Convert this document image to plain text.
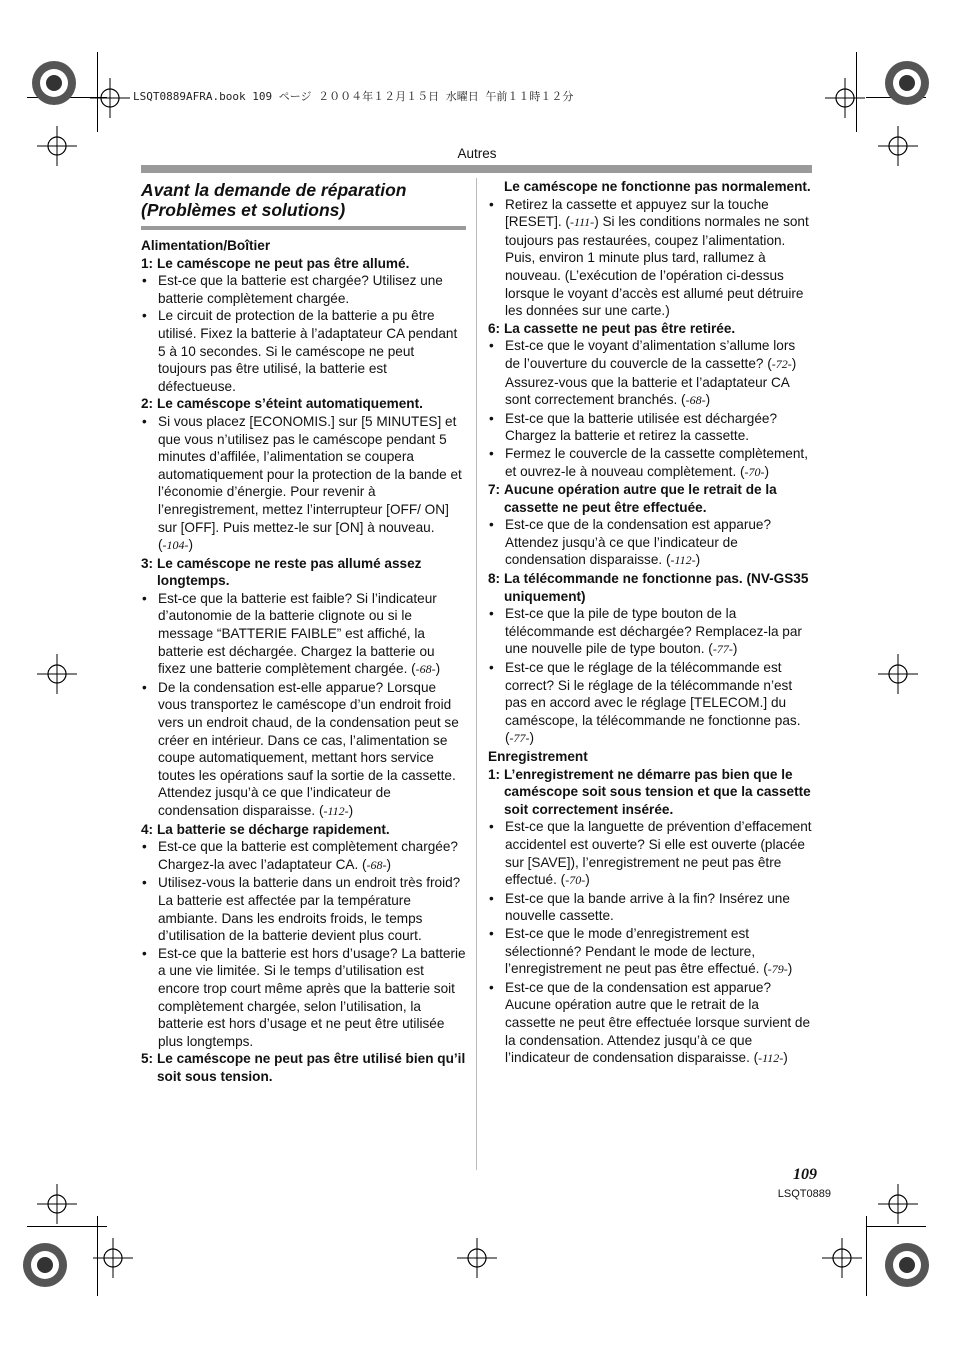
LSQT0889AFRA.book 109 ページ ２００４年１２月１５日 水曜日 午前１１時１２分
Autres
Avant la demande de réparation
(Problèmes et solutions)
Alimentation/Boîtier
1: Le caméscope ne peut pas être allumé.
• Est-ce que la batterie est chargée? Utilisez une batterie complètement chargée.
• Le circuit de protection de la batterie a pu être utilisé. Fixez la batterie à l’adaptateur CA pendant 5 à 10 secondes. Si le caméscope ne peut toujours pas être utilisé, la batterie est défectueuse.
2: Le caméscope s’éteint automatiquement.
• Si vous placez [ECONOMIS.] sur [5 MINUTES] et que vous n’utilisez pas le caméscope pendant 5 minutes d’affilée, l’alimentation se coupera automatiquement pour la protection de la bande et l’économie d’énergie. Pour revenir à l’enregistrement, mettez l’interrupteur [OFF/ ON] sur [OFF]. Puis mettez-le sur [ON] à nouveau. (-104-)
3: Le caméscope ne reste pas allumé assez longtemps.
• Est-ce que la batterie est faible? Si l’indicateur d’autonomie de la batterie clignote ou si le message “BATTERIE FAIBLE” est affiché, la batterie est déchargée. Chargez la batterie ou fixez une batterie complètement chargée. (-68-)
• De la condensation est-elle apparue? Lorsque vous transportez le caméscope d’un endroit froid vers un endroit chaud, de la condensation peut se créer en intérieur. Dans ce cas, l’alimentation se coupe automatiquement, mettant hors service toutes les opérations sauf la sortie de la cassette. Attendez jusqu’à ce que l’indicateur de condensation disparaisse. (-112-)
4: La batterie se décharge rapidement.
• Est-ce que la batterie est complètement chargée? Chargez-la avec l’adaptateur CA. (-68-)
• Utilisez-vous la batterie dans un endroit très froid? La batterie est affectée par la température ambiante. Dans les endroits froids, le temps d’utilisation de la batterie devient plus court.
• Est-ce que la batterie est hors d’usage? La batterie a une vie limitée. Si le temps d’utilisation est encore trop court même après que la batterie soit complètement chargée, selon l’utilisation, la batterie est hors d’usage et ne peut être utilisée plus longtemps.
5: Le caméscope ne peut pas être utilisé bien qu’il soit sous tension.
Le caméscope ne fonctionne pas normalement.
• Retirez la cassette et appuyez sur la touche [RESET]. (-111-) Si les conditions normales ne sont toujours pas restaurées, coupez l’alimentation. Puis, environ 1 minute plus tard, rallumez à nouveau. (L’exécution de l’opération ci-dessus lorsque le voyant d’accès est allumé peut détruire les données sur une carte.)
6: La cassette ne peut pas être retirée.
• Est-ce que le voyant d’alimentation s’allume lors de l’ouverture du couvercle de la cassette? (-72-) Assurez-vous que la batterie et l’adaptateur CA sont correctement branchés. (-68-)
• Est-ce que la batterie utilisée est déchargée? Chargez la batterie et retirez la cassette.
• Fermez le couvercle de la cassette complètement, et ouvrez-le à nouveau complètement. (-70-)
7: Aucune opération autre que le retrait de la cassette ne peut être effectuée.
• Est-ce que de la condensation est apparue? Attendez jusqu’à ce que l’indicateur de condensation disparaisse. (-112-)
8: La télécommande ne fonctionne pas. (NV-GS35 uniquement)
• Est-ce que la pile de type bouton de la télécommande est déchargée? Remplacez-la par une nouvelle pile de type bouton. (-77-)
• Est-ce que le réglage de la télécommande est correct? Si le réglage de la télécommande n’est pas en accord avec le réglage [TELECOM.] du caméscope, la télécommande ne fonctionne pas. (-77-)
Enregistrement
1: L’enregistrement ne démarre pas bien que le caméscope soit sous tension et que la cassette soit correctement insérée.
• Est-ce que la languette de prévention d’effacement accidentel est ouverte? Si elle est ouverte (placée sur [SAVE]), l’enregistrement ne peut pas être effectué. (-70-)
• Est-ce que la bande arrive à la fin? Insérez une nouvelle cassette.
• Est-ce que le mode d’enregistrement est sélectionné? Pendant le mode de lecture, l’enregistrement ne peut pas être effectué. (-79-)
• Est-ce que de la condensation est apparue? Aucune opération autre que le retrait de la cassette ne peut être effectuée lorsque survient de la condensation. Attendez jusqu’à ce que l’indicateur de condensation disparaisse. (-112-)
109
LSQT0889
